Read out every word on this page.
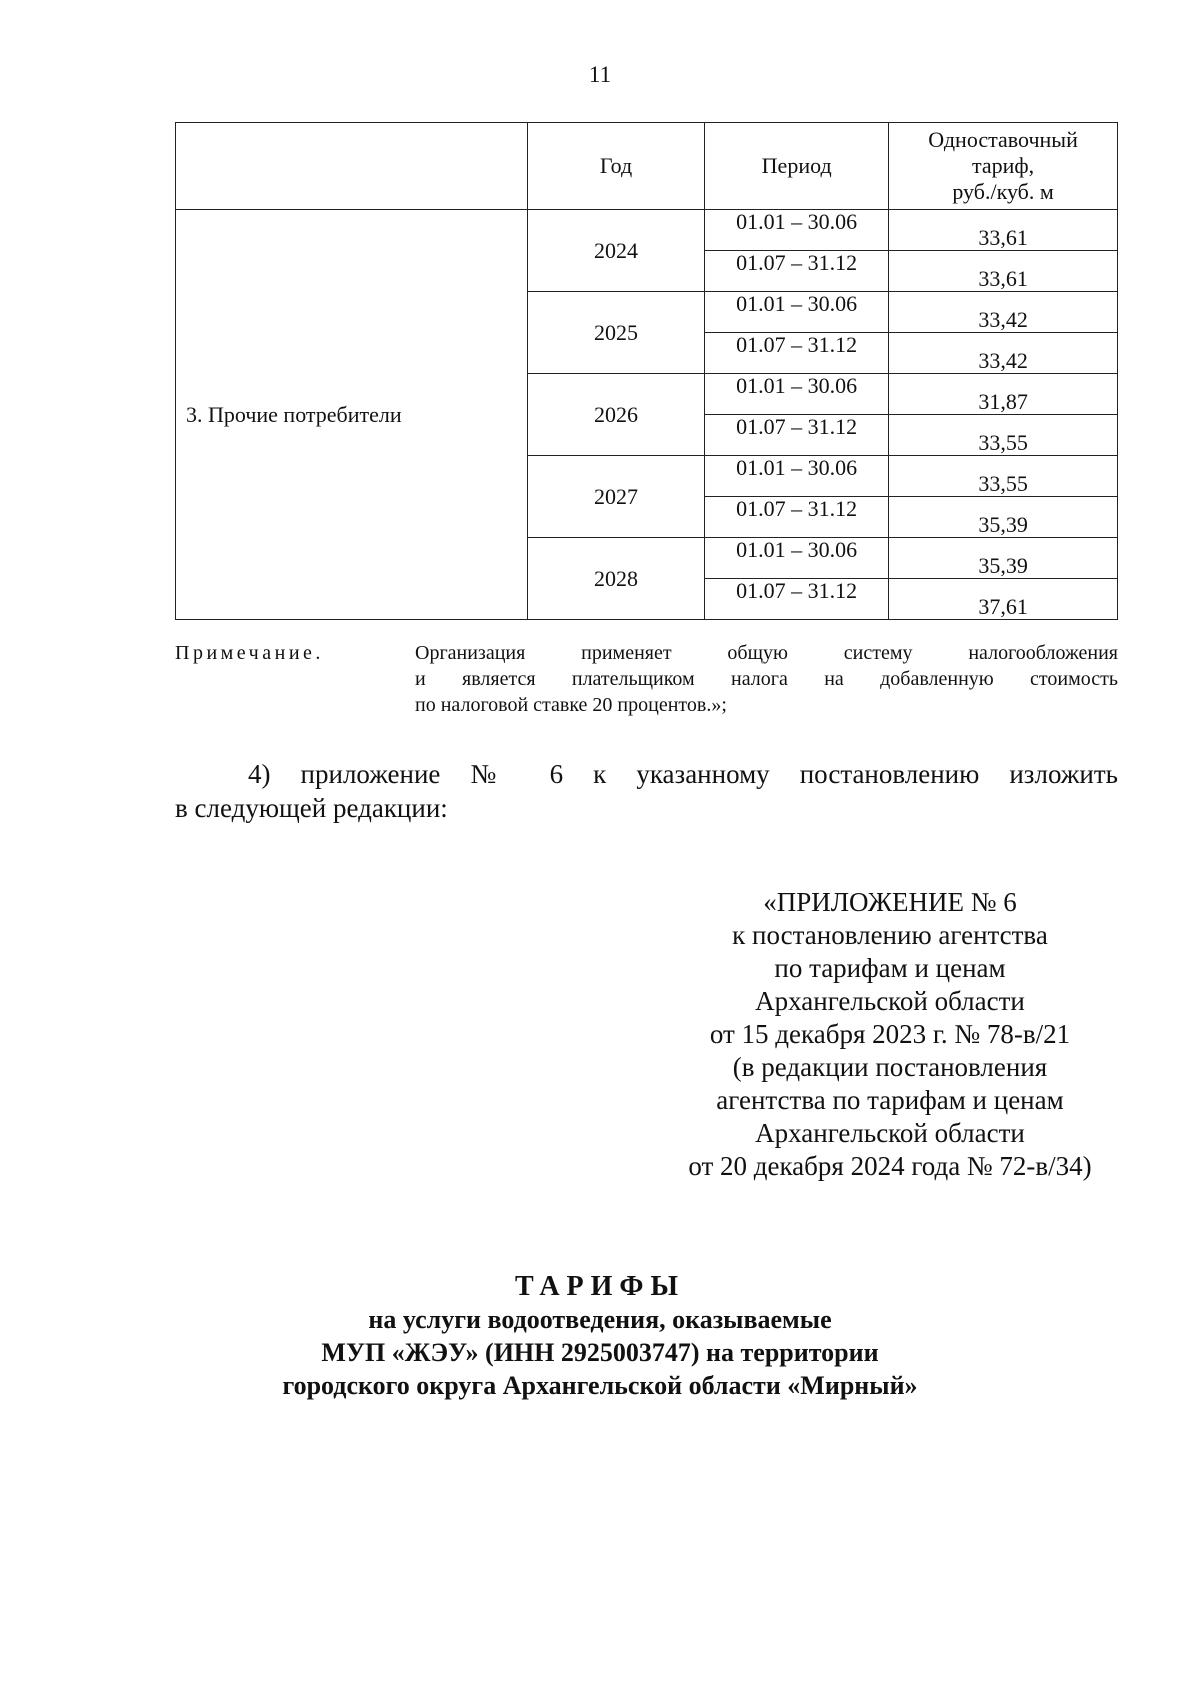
11
	Год	Период	Одноставочный
тариф,
руб./куб. м

3. Прочие потребители	2024	01.01 – 30.06	33,61
		01.07 – 31.12	33,61
	2025	01.01 – 30.06	33,42
		01.07 – 31.12	33,42
	2026	01.01 – 30.06	31,87
		01.07 – 31.12	33,55
	2027	01.01 – 30.06	33,55
		01.07 – 31.12	35,39
	2028	01.01 – 30.06	35,39
		01.07 – 31.12	37,61
Примечание.	Организация применяет общую систему налогообложения
и является плательщиком налога на добавленную стоимость
по налоговой ставке 20 процентов.»;
4) приложение № 6 к указанному постановлению изложить
в следующей редакции:
«ПРИЛОЖЕНИЕ № 6
к постановлению агентства
по тарифам и ценам
Архангельской области
от 15 декабря 2023 г. № 78-в/21
(в редакции постановления
агентства по тарифам и ценам
Архангельской области
от 20 декабря 2024 года № 72-в/34)
ТАРИФЫ
на услуги водоотведения, оказываемые
МУП «ЖЭУ» (ИНН 2925003747) на территории
городского округа Архангельской области «Мирный»
